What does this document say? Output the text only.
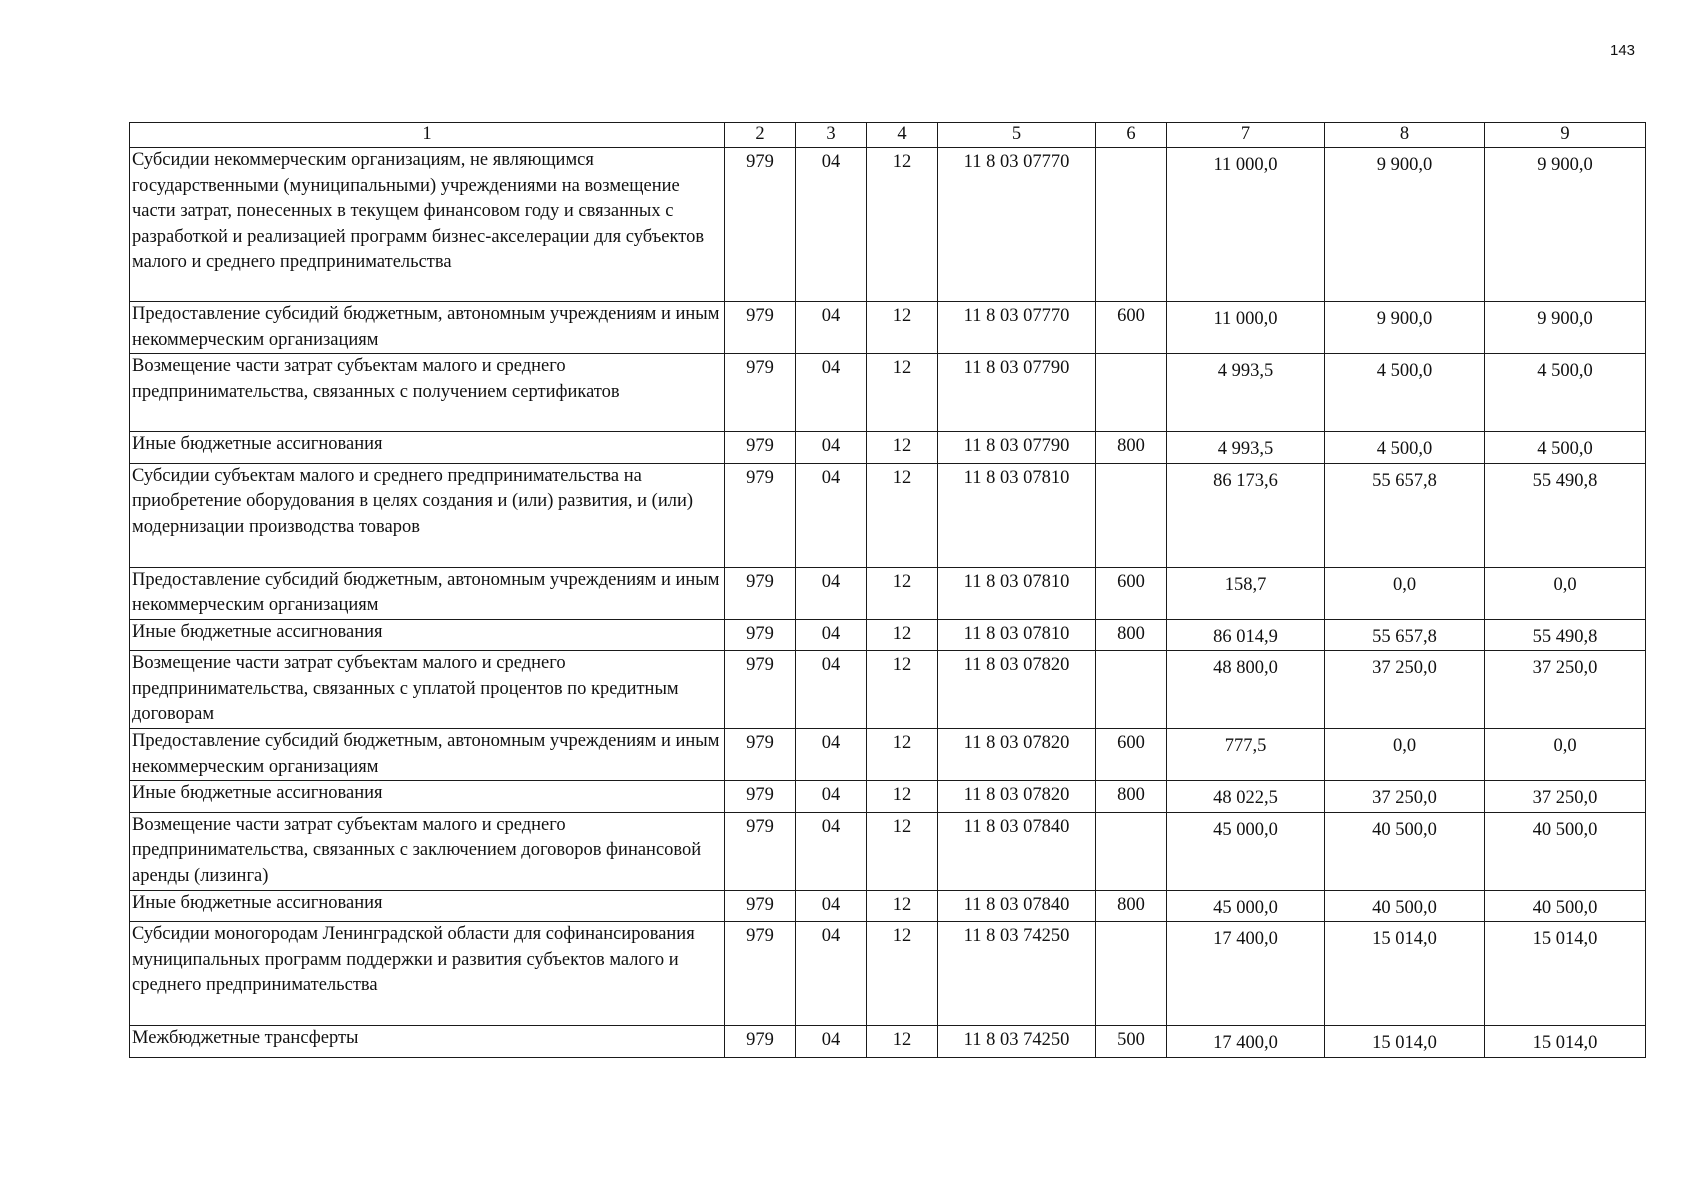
143
1	2	3	4	5	6	7	8	9
Субсидии некоммерческим организациям, не являющимся государственными (муниципальными) учреждениями на возмещение части затрат, понесенных в текущем финансовом году и связанных с разработкой и реализацией программ бизнес-акселерации для субъектов малого и среднего предпринимательства	979	04	12	11 8 03 07770		11 000,0	9 900,0	9 900,0
Предоставление субсидий бюджетным, автономным учреждениям и иным некоммерческим организациям	979	04	12	11 8 03 07770	600	11 000,0	9 900,0	9 900,0
Возмещение части затрат субъектам малого и среднего предпринимательства, связанных с получением сертификатов	979	04	12	11 8 03 07790		4 993,5	4 500,0	4 500,0
Иные бюджетные ассигнования	979	04	12	11 8 03 07790	800	4 993,5	4 500,0	4 500,0
Субсидии субъектам малого и среднего предпринимательства на приобретение оборудования в целях создания и (или) развития, и (или) модернизации производства товаров	979	04	12	11 8 03 07810		86 173,6	55 657,8	55 490,8
Предоставление субсидий бюджетным, автономным учреждениям и иным некоммерческим организациям	979	04	12	11 8 03 07810	600	158,7	0,0	0,0
Иные бюджетные ассигнования	979	04	12	11 8 03 07810	800	86 014,9	55 657,8	55 490,8
Возмещение части затрат субъектам малого и среднего предпринимательства, связанных с уплатой процентов по кредитным договорам	979	04	12	11 8 03 07820		48 800,0	37 250,0	37 250,0
Предоставление субсидий бюджетным, автономным учреждениям и иным некоммерческим организациям	979	04	12	11 8 03 07820	600	777,5	0,0	0,0
Иные бюджетные ассигнования	979	04	12	11 8 03 07820	800	48 022,5	37 250,0	37 250,0
Возмещение части затрат субъектам малого и среднего предпринимательства, связанных с заключением договоров финансовой аренды (лизинга)	979	04	12	11 8 03 07840		45 000,0	40 500,0	40 500,0
Иные бюджетные ассигнования	979	04	12	11 8 03 07840	800	45 000,0	40 500,0	40 500,0
Субсидии моногородам Ленинградской области для софинансирования муниципальных программ поддержки и развития субъектов малого и среднего предпринимательства	979	04	12	11 8 03 74250		17 400,0	15 014,0	15 014,0
Межбюджетные трансферты	979	04	12	11 8 03 74250	500	17 400,0	15 014,0	15 014,0
